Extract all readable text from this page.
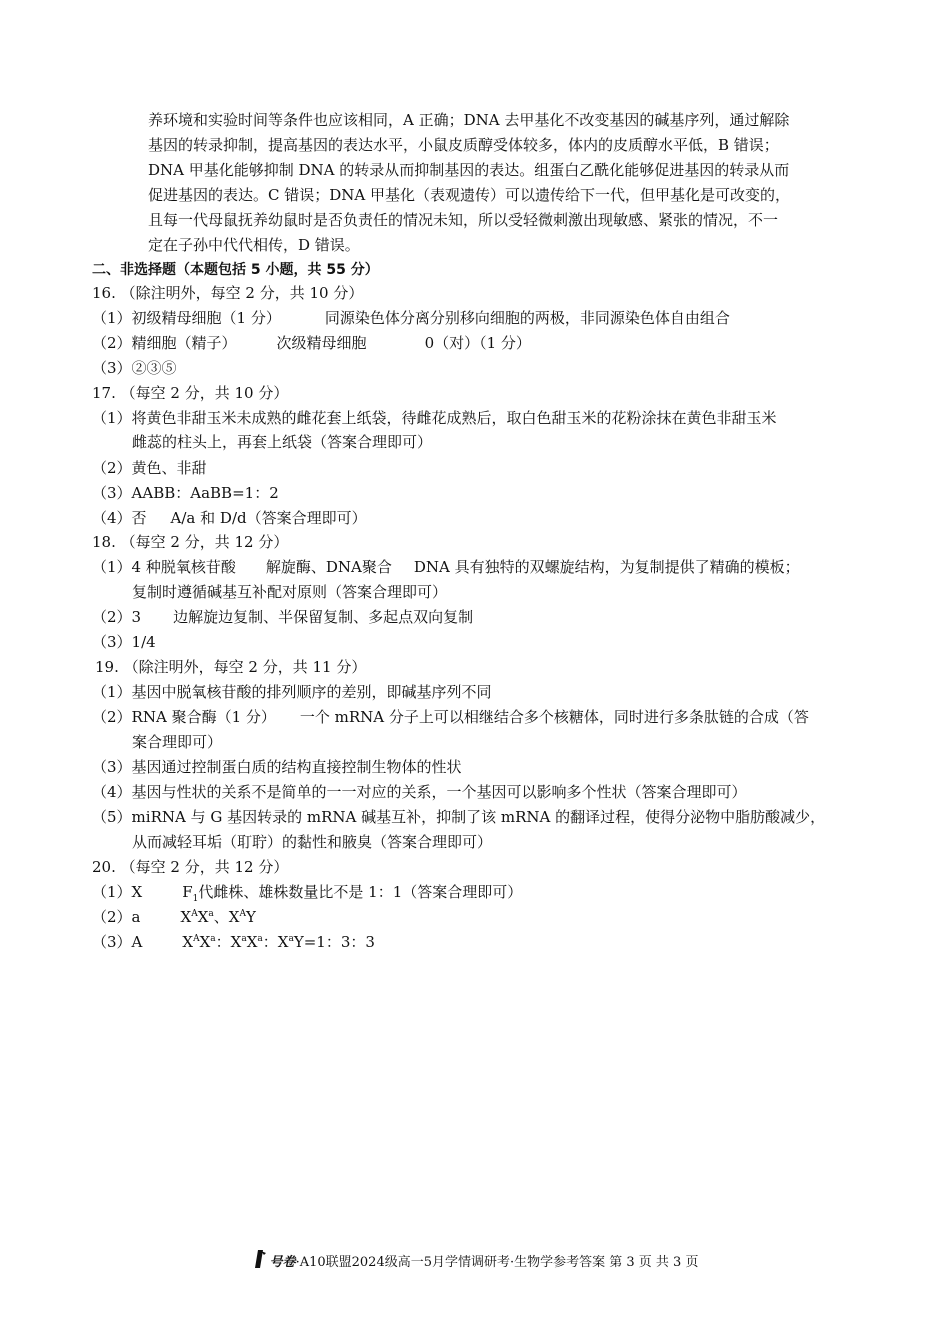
养环境和实验时间等条件也应该相同，A 正确；DNA 去甲基化不改变基因的碱基序列，通过解除
基因的转录抑制，提高基因的表达水平，小鼠皮质醇受体较多，体内的皮质醇水平低，B 错误；
DNA 甲基化能够抑制 DNA 的转录从而抑制基因的表达。组蛋白乙酰化能够促进基因的转录从而
促进基因的表达。C 错误；DNA 甲基化（表观遗传）可以遗传给下一代，但甲基化是可改变的，
且每一代母鼠抚养幼鼠时是否负责任的情况未知，所以受轻微刺激出现敏感、紧张的情况，不一
定在子孙中代代相传，D 错误。
二、非选择题（本题包括 5 小题，共 55 分）
16. （除注明外，每空 2 分，共 10 分）
（1）初级精母细胞（1 分）	同源染色体分离分别移向细胞的两极，非同源染色体自由组合
（2）精细胞（精子）	次级精母细胞	0（对）（1 分）
（3）②③⑤
17. （每空 2 分，共 10 分）
（1）将黄色非甜玉米未成熟的雌花套上纸袋，待雌花成熟后，取白色甜玉米的花粉涂抹在黄色非甜玉米
雌蕊的柱头上，再套上纸袋（答案合理即可）
（2）黄色、非甜
（3）AABB：AaBB=1：2
（4）否 A/a 和 D/d（答案合理即可）
18. （每空 2 分，共 12 分）
（1）4 种脱氧核苷酸 解旋酶、DNA聚合 DNA 具有独特的双螺旋结构，为复制提供了精确的模板；
复制时遵循碱基互补配对原则（答案合理即可）
（2）3 边解旋边复制、半保留复制、多起点双向复制
（3）1/4
19. （除注明外，每空 2 分，共 11 分）
（1）基因中脱氧核苷酸的排列顺序的差别，即碱基序列不同
（2）RNA 聚合酶（1 分） 一个 mRNA 分子上可以相继结合多个核糖体，同时进行多条肽链的合成（答
案合理即可）
（3）基因通过控制蛋白质的结构直接控制生物体的性状
（4）基因与性状的关系不是简单的一一对应的关系，一个基因可以影响多个性状（答案合理即可）
（5）miRNA 与 G 基因转录的 mRNA 碱基互补，抑制了该 mRNA 的翻译过程，使得分泌物中脂肪酸减少，
从而减轻耳垢（耵聍）的黏性和腋臭（答案合理即可）
20. （每空 2 分，共 12 分）
（1）X	$F_1$代雌株、雄株数量比不是 1：1（答案合理即可）
（2）a	$X^AX^a$、$X^AY$
（3）A	$X^AX^a$：$X^aX^a$：$X^aY=1$：3：3
号卷·A10联盟2024级高一5月学情调研考·生物学参考答案 第 3 页 共 3 页
